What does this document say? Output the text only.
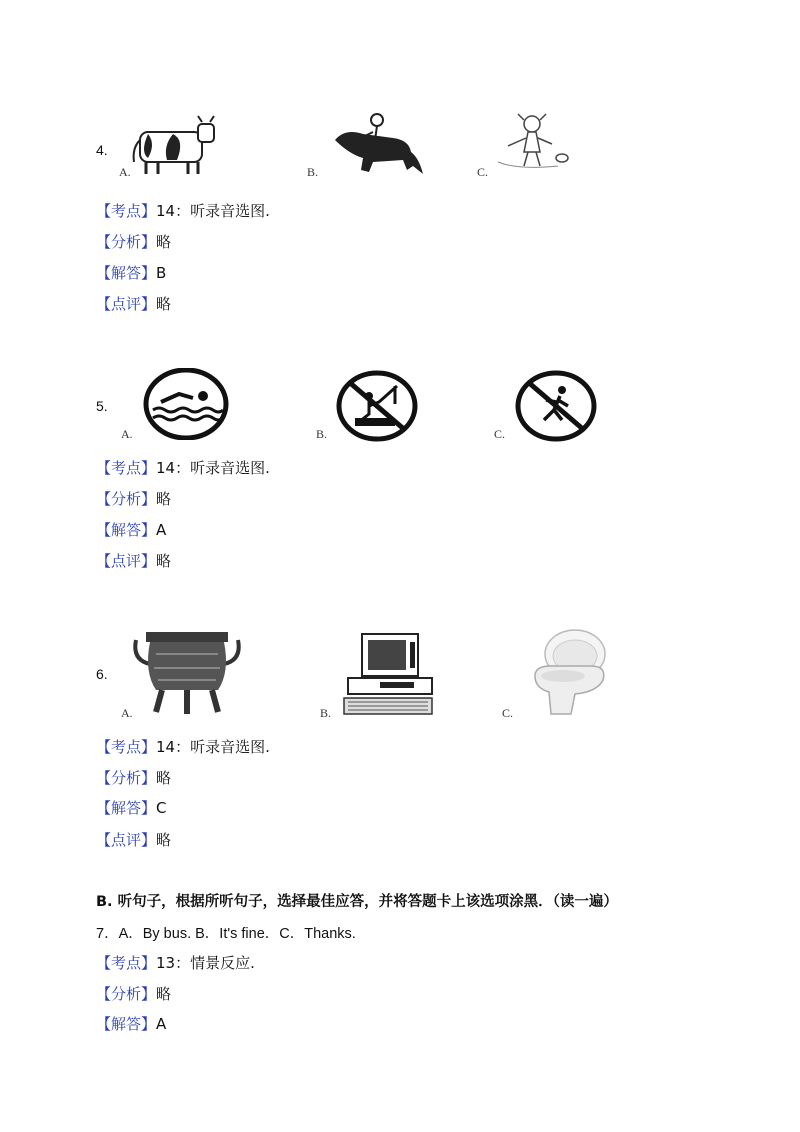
4.
A.	B.	C.
【考点】14：听录音选图.
【分析】略
【解答】B
【点评】略
5.
A.	B.	C.
【考点】14：听录音选图.
【分析】略
【解答】A
【点评】略
6.
A.	B.	C.
【考点】14：听录音选图.
【分析】略
【解答】C
【点评】略
B. 听句子，根据所听句子，选择最佳应答，并将答题卡上该选项涂黑．（读一遍）
7．A．By bus. B．It's fine．C．Thanks.
【考点】13：情景反应.
【分析】略
【解答】A
